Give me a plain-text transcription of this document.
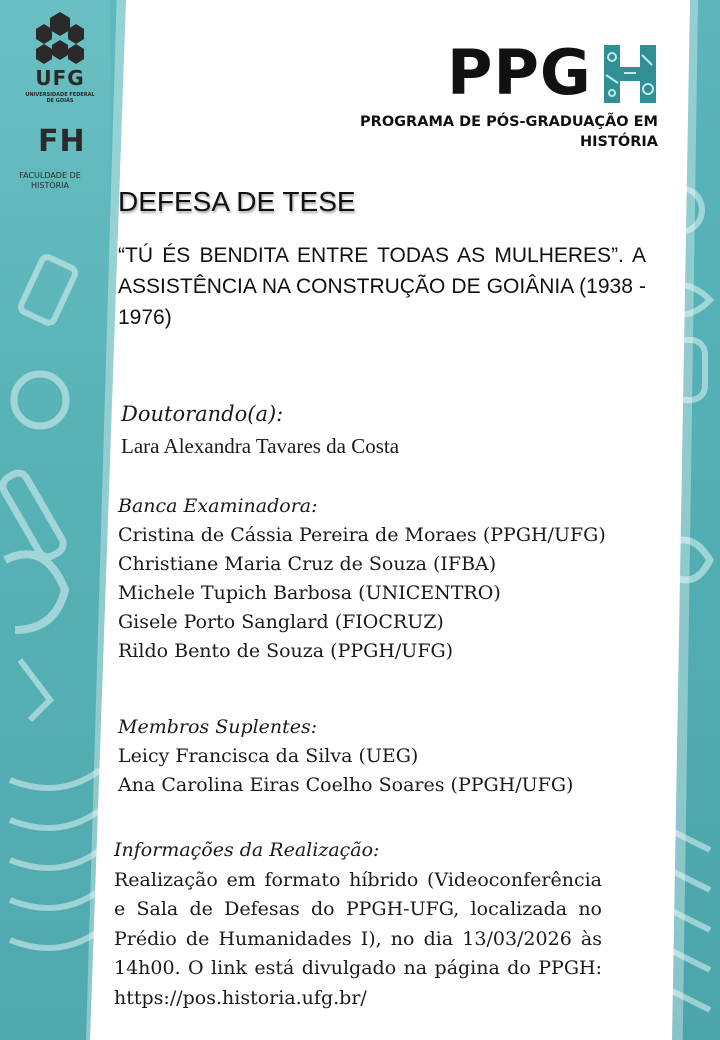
UFG
UNIVERSIDADE FEDERAL DE GOIÁS
FH
FACULDADE DE HISTÓRIA
PPG
PROGRAMA DE PÓS-GRADUAÇÃO EM HISTÓRIA
DEFESA DE TESE
“TÚ ÉS BENDITA ENTRE TODAS AS MULHERES”. A ASSISTÊNCIA NA CONSTRUÇÃO DE GOIÂNIA (1938 - 1976)
Doutorando(a):
Lara Alexandra Tavares da Costa
Banca Examinadora:
Cristina de Cássia Pereira de Moraes (PPGH/UFG)
Christiane Maria Cruz de Souza (IFBA)
Michele Tupich Barbosa (UNICENTRO)
Gisele Porto Sanglard (FIOCRUZ)
Rildo Bento de Souza (PPGH/UFG)
Membros Suplentes:
Leicy Francisca da Silva (UEG)
Ana Carolina Eiras Coelho Soares (PPGH/UFG)
Informações da Realização:
Realização em formato híbrido (Videoconferência e Sala de Defesas do PPGH-UFG, localizada no Prédio de Humanidades I), no dia 13/03/2026 às 14h00. O link está divulgado na página do PPGH: https://pos.historia.ufg.br/
